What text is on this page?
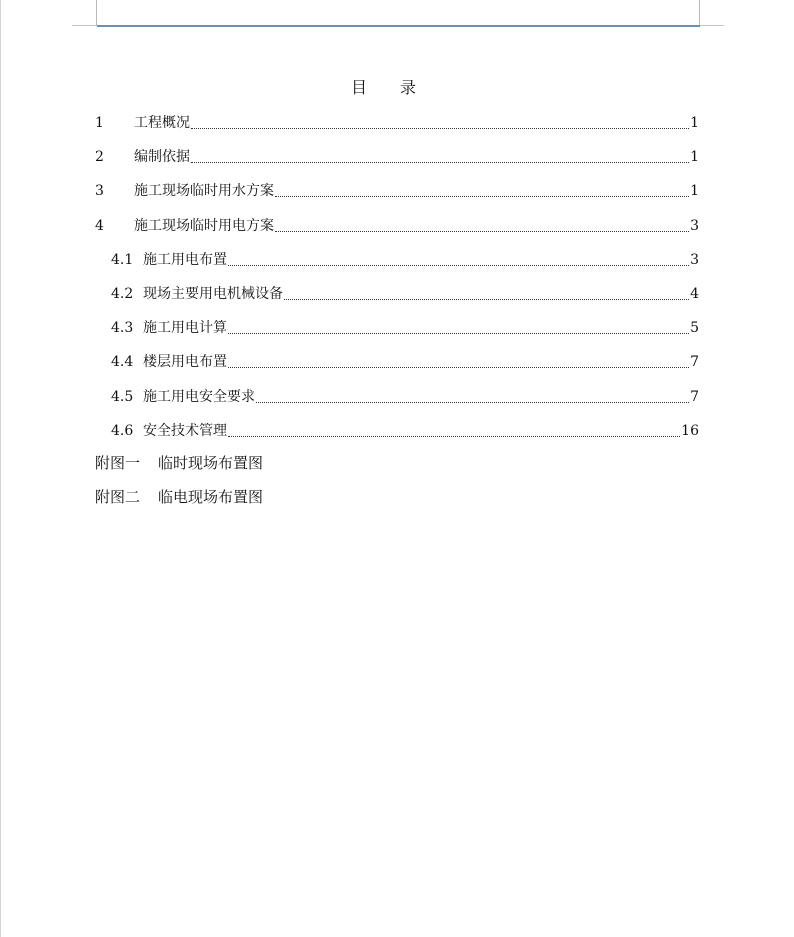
目 录
1	工程概况	1
2	编制依据	1
3	施工现场临时用水方案	1
4	施工现场临时用电方案	3
4.1 施工用电布置	3
4.2 现场主要用电机械设备	4
4.3 施工用电计算	5
4.4 楼层用电布置	7
4.5 施工用电安全要求	7
4.6 安全技术管理	16
附图一 临时现场布置图
附图二 临电现场布置图
